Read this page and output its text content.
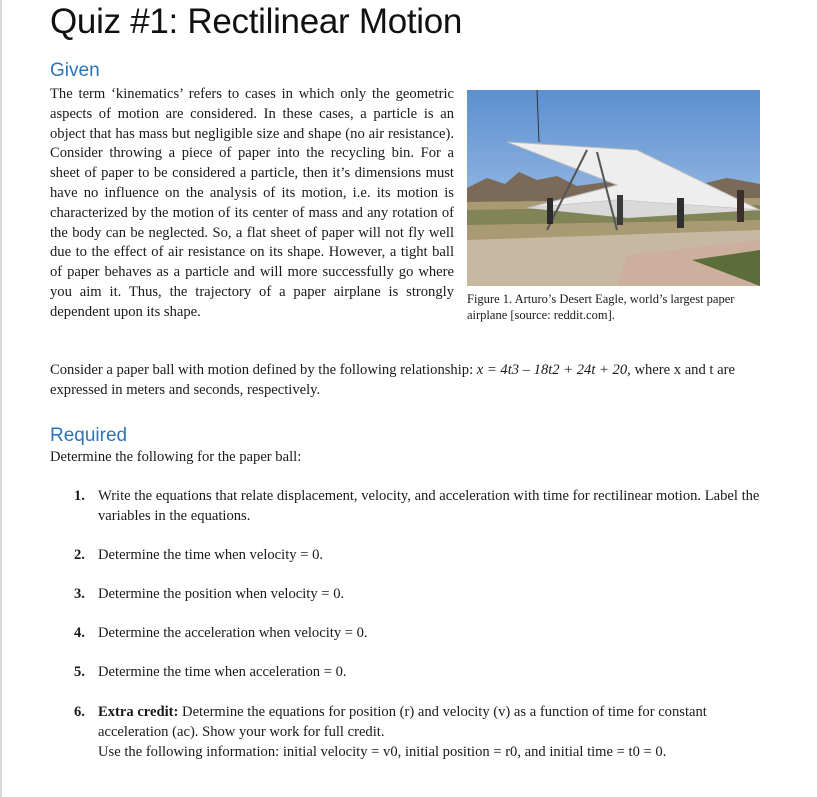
Quiz #1: Rectilinear Motion
Given
The term ‘kinematics’ refers to cases in which only the geometric aspects of motion are considered. In these cases, a particle is an object that has mass but negligible size and shape (no air resistance). Consider throwing a piece of paper into the recycling bin. For a sheet of paper to be considered a particle, then it’s dimensions must have no influence on the analysis of its motion, i.e. its motion is characterized by the motion of its center of mass and any rotation of the body can be neglected. So, a flat sheet of paper will not fly well due to the effect of air resistance on its shape. However, a tight ball of paper behaves as a particle and will more successfully go where you aim it. Thus, the trajectory of a paper airplane is strongly dependent upon its shape.
Figure 1. Arturo’s Desert Eagle, world’s largest paper airplane [source: reddit.com].
Consider a paper ball with motion defined by the following relationship: x = 4t3 – 18t2 + 24t + 20, where x and t are expressed in meters and seconds, respectively.
Required
Determine the following for the paper ball:
1. Write the equations that relate displacement, velocity, and acceleration with time for rectilinear motion. Label the variables in the equations.
2. Determine the time when velocity = 0.
3. Determine the position when velocity = 0.
4. Determine the acceleration when velocity = 0.
5. Determine the time when acceleration = 0.
6. Extra credit: Determine the equations for position (r) and velocity (v) as a function of time for constant acceleration (ac). Show your work for full credit.
Use the following information: initial velocity = v0, initial position = r0, and initial time = t0 = 0.
